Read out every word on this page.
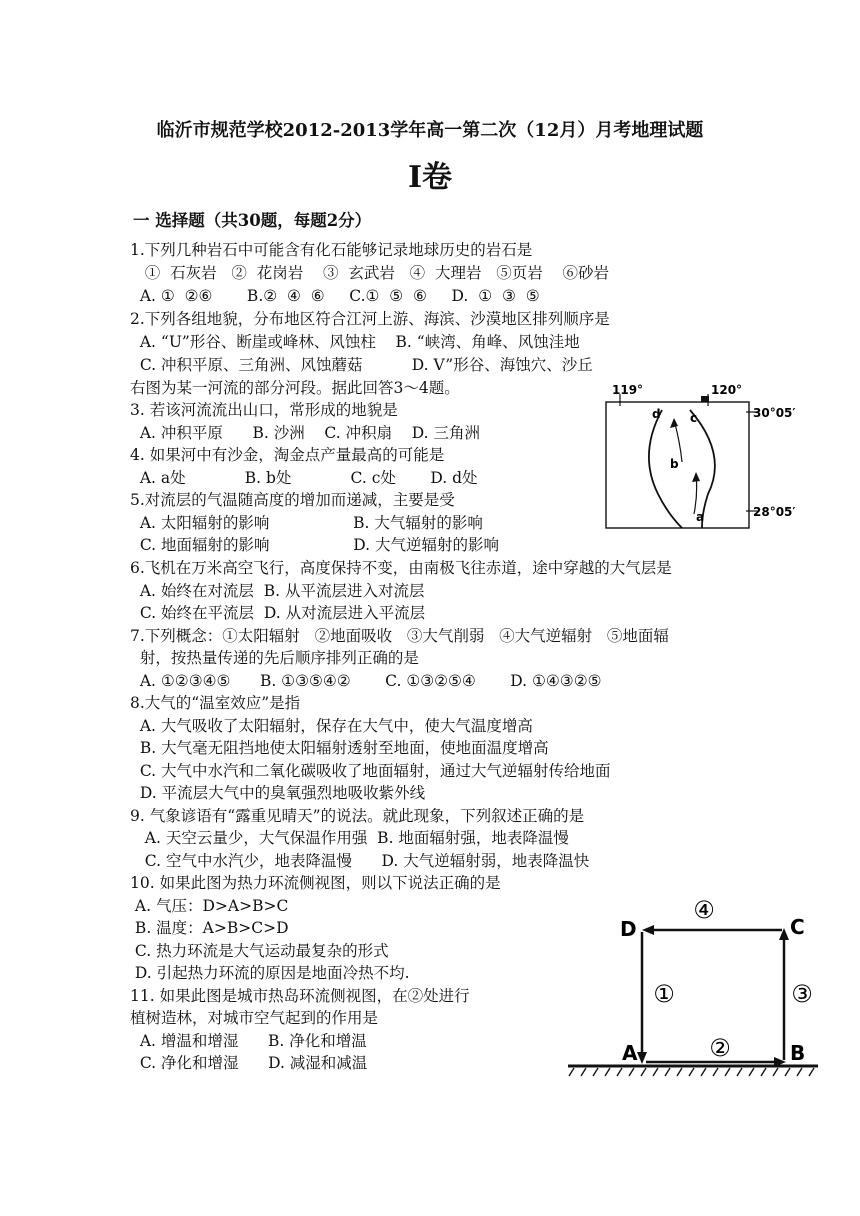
临沂市规范学校2012-2013学年高一第二次（12月）月考地理试题
I卷
一 选择题（共30题，每题2分）
1.下列几种岩石中可能含有化石能够记录地球历史的岩石是
①  石灰岩   ②  花岗岩    ③  玄武岩   ④  大理岩   ⑤页岩    ⑥砂岩
A. ①  ②⑥       B.②  ④  ⑥     C.①  ⑤  ⑥     D.  ①  ③  ⑤
2.下列各组地貌，分布地区符合江河上游、海滨、沙漠地区排列顺序是
A. “U”形谷、断崖或峰林、风蚀柱    B. “峡湾、角峰、风蚀洼地
C. 冲积平原、三角洲、风蚀蘑菇          D. V”形谷、海蚀穴、沙丘
右图为某一河流的部分河段。据此回答3～4题。
3. 若该河流流出山口，常形成的地貌是
A. 冲积平原      B. 沙洲    C. 冲积扇    D. 三角洲
4. 如果河中有沙金，淘金点产量最高的可能是
A. a处            B. b处            C. c处       D. d处
5.对流层的气温随高度的增加而递减，主要是受
A. 太阳辐射的影响                 B. 大气辐射的影响
C. 地面辐射的影响                 D. 大气逆辐射的影响
6.飞机在万米高空飞行，高度保持不变，由南极飞往赤道，途中穿越的大气层是
A. 始终在对流层  B. 从平流层进入对流层
C. 始终在平流层  D. 从对流层进入平流层
7.下列概念：①太阳辐射   ②地面吸收   ③大气削弱   ④大气逆辐射   ⑤地面辐
射，按热量传递的先后顺序排列正确的是
A. ①②③④⑤      B. ①③⑤④②       C. ①③②⑤④       D. ①④③②⑤
8.大气的“温室效应”是指
A. 大气吸收了太阳辐射，保存在大气中，使大气温度增高
B. 大气毫无阻挡地使太阳辐射透射至地面，使地面温度增高
C. 大气中水汽和二氧化碳吸收了地面辐射，通过大气逆辐射传给地面
D. 平流层大气中的臭氧强烈地吸收紫外线
9. 气象谚语有“露重见晴天”的说法。就此现象，下列叙述正确的是
A. 天空云量少，大气保温作用强  B. 地面辐射强，地表降温慢
C. 空气中水汽少，地表降温慢      D. 大气逆辐射弱，地表降温快
10. 如果此图为热力环流侧视图，则以下说法正确的是
A. 气压：D>A>B>C
B. 温度：A>B>C>D
C. 热力环流是大气运动最复杂的形式
D. 引起热力环流的原因是地面冷热不均.
11. 如果此图是城市热岛环流侧视图，在②处进行
植树造林，对城市空气起到的作用是
A. 增温和增湿      B. 净化和增温
C. 净化和增湿      D. 减湿和减温
119°	120°
30°05′
28°05′
d c
b
a
D	C
A	B
④
①	③
②
